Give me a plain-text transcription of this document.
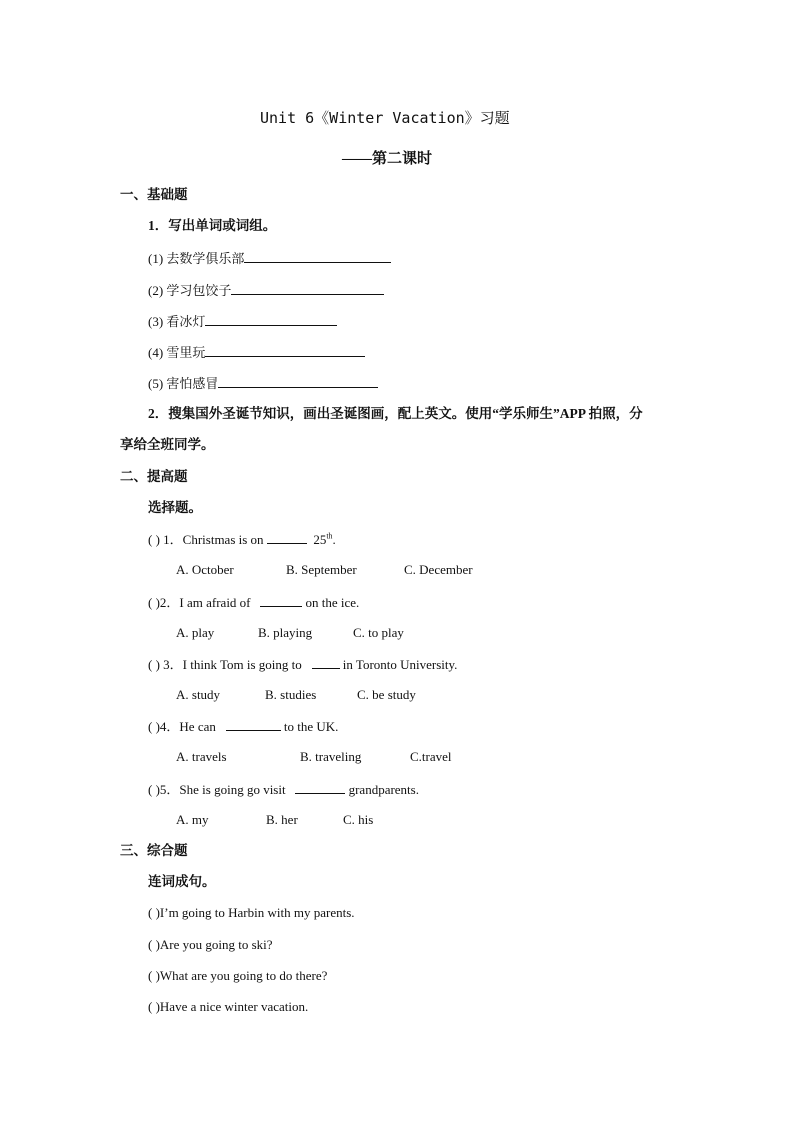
Unit 6《Winter Vacation》习题
——第二课时
一、基础题
1．写出单词或词组。
(1) 去数学俱乐部
(2) 学习包饺子
(3) 看冰灯
(4) 雪里玩
(5) 害怕感冒
2．搜集国外圣诞节知识，画出圣诞图画，配上英文。使用“学乐师生”APP 拍照，分
享给全班同学。
二、提高题
选择题。
( ) 1．Christmas is on	25th.
A. October	B. September	C. December
( )2．I am afraid of	on the ice.
A. play	B. playing	C. to play
( ) 3．I think Tom is going to	in Toronto University.
A. study	B. studies	C. be study
( )4．He can	to the UK.
A. travels	B. traveling	C.travel
( )5．She is going go visit	grandparents.
A. my	B. her	C. his
三、综合题
连词成句。
( )I’m going to Harbin with my parents.
( )Are you going to ski?
( )What are you going to do there?
( )Have a nice winter vacation.
